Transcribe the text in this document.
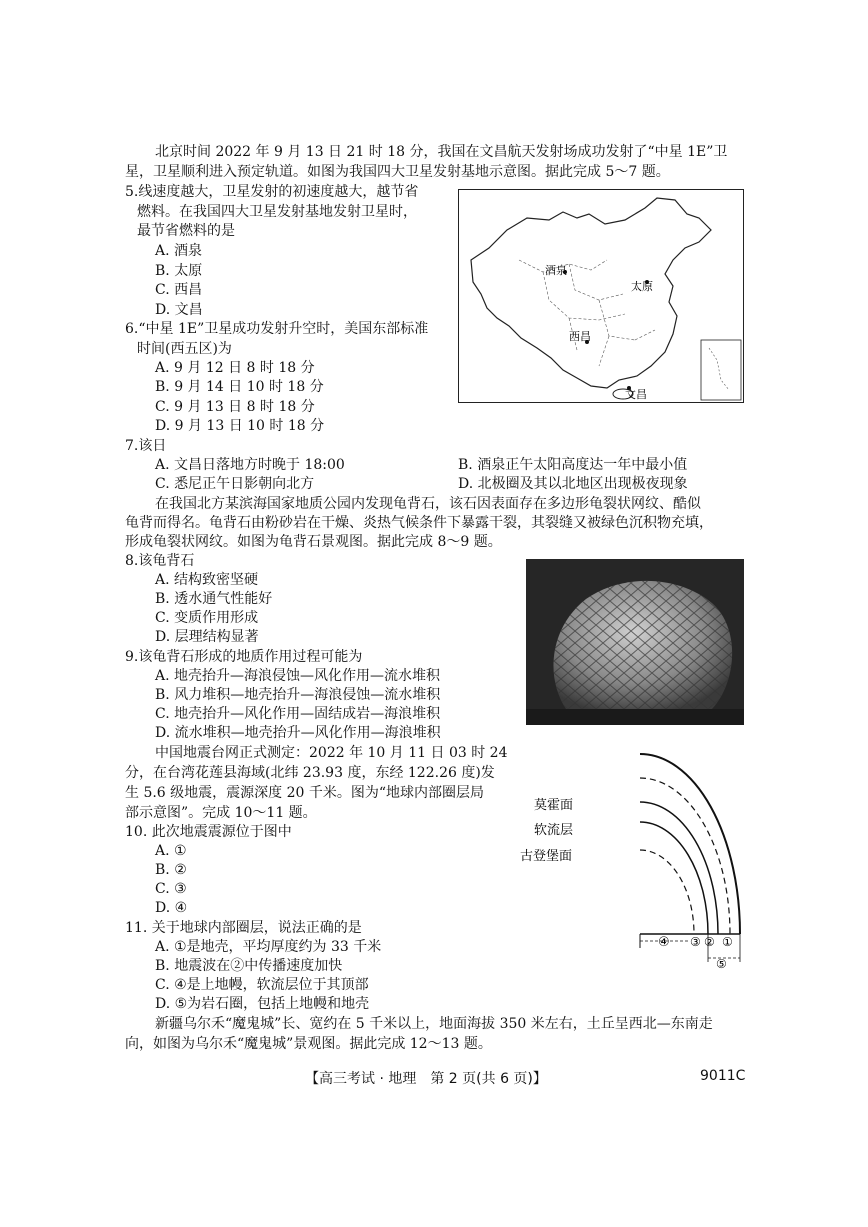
北京时间 2022 年 9 月 13 日 21 时 18 分，我国在文昌航天发射场成功发射了“中星 1E”卫
星，卫星顺利进入预定轨道。如图为我国四大卫星发射基地示意图。据此完成 5～7 题。
5.线速度越大，卫星发射的初速度越大，越节省
燃料。在我国四大卫星发射基地发射卫星时，
最节省燃料的是
A. 酒泉
B. 太原
C. 西昌
D. 文昌
6.“中星 1E”卫星成功发射升空时，美国东部标准
时间(西五区)为
A. 9 月 12 日 8 时 18 分
B. 9 月 14 日 10 时 18 分
C. 9 月 13 日 8 时 18 分
D. 9 月 13 日 10 时 18 分
酒泉
太原
西昌
文昌
7.该日
A. 文昌日落地方时晚于 18:00	B. 酒泉正午太阳高度达一年中最小值
C. 悉尼正午日影朝向北方	D. 北极圈及其以北地区出现极夜现象
在我国北方某滨海国家地质公园内发现龟背石，该石因表面存在多边形龟裂状网纹、酷似
龟背而得名。龟背石由粉砂岩在干燥、炎热气候条件下暴露干裂，其裂缝又被绿色沉积物充填，
形成龟裂状网纹。如图为龟背石景观图。据此完成 8～9 题。
8.该龟背石
A. 结构致密坚硬
B. 透水通气性能好
C. 变质作用形成
D. 层理结构显著
9.该龟背石形成的地质作用过程可能为
A. 地壳抬升—海浪侵蚀—风化作用—流水堆积
B. 风力堆积—地壳抬升—海浪侵蚀—流水堆积
C. 地壳抬升—风化作用—固结成岩—海浪堆积
D. 流水堆积—地壳抬升—风化作用—海浪堆积
中国地震台网正式测定：2022 年 10 月 11 日 03 时 24
分，在台湾花莲县海域(北纬 23.93 度，东经 122.26 度)发
生 5.6 级地震，震源深度 20 千米。图为“地球内部圈层局
部示意图”。完成 10～11 题。
10. 此次地震震源位于图中
A. ①
B. ②
C. ③
D. ④
莫霍面
软流层
古登堡面
④ ③ ② ①
⑤
11. 关于地球内部圈层，说法正确的是
A. ①是地壳，平均厚度约为 33 千米
B. 地震波在②中传播速度加快
C. ④是上地幔，软流层位于其顶部
D. ⑤为岩石圈，包括上地幔和地壳
新疆乌尔禾“魔鬼城”长、宽约在 5 千米以上，地面海拔 350 米左右，土丘呈西北—东南走
向，如图为乌尔禾“魔鬼城”景观图。据此完成 12～13 题。
【高三考试 · 地理　第 2 页(共 6 页)】	9011C
